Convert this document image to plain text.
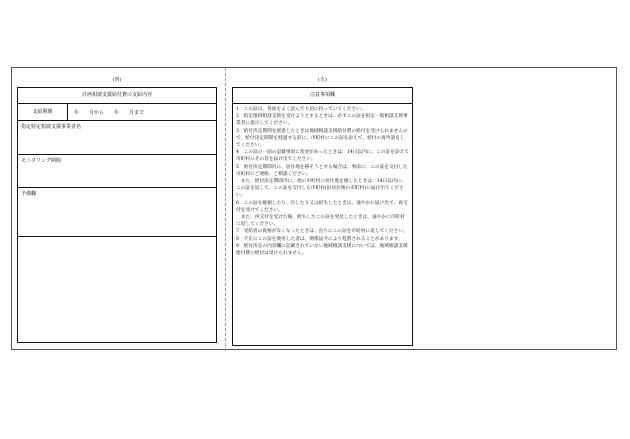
(四)	(五)
計画相談支援給付費の支給内容
支給期間	年　　月から　　年　　月まで
指定特定相談支援事業者名
モニタリング期間
予備欄
注意事項欄

1　この証は、各面をよく読んで大切に持っていてください。

2　指定地域相談支援を受けようとするときは、必ずこの証を指定一般相談支援事業者に提示してください。

3　給付決定期間を経過したときは地域相談支援給付費の給付を受けられませんので、給付決定期間を経過する前に、市町村にこの証を添えて、給付の再申請をしてください。

4　この証の一面の記載事項に変更があったときは、14日以内に、この証を添えて市町村にその旨を届け出てください。

5　給付決定期間内に、居住地を移そうとする場合は、事前に、この証を交付した市町村にご連絡、ご相談ください。
　また、給付決定期間内に、他の市町村に居住地を移したときは、14日以内に、この証を返して、この証を交付した市町村(旧居住地の市町村)に届け出てください。

6　この証を破損したり、汚したり又は紛失したときは、速やかに届け出て、再交付を受けてください。
　また、再交付を受けた後、紛失したこの証を発見したときは、速やかに市町村に返してください。

7　受給者の資格がなくなったときは、直ちにこの証を市町村に返してください。

8　不正にこの証を使用した者は、関係法令により処罰されることがあります。

9　給付決定の内容欄に記載されていない地域相談支援については、地域相談支援給付費の給付は受けられません。
